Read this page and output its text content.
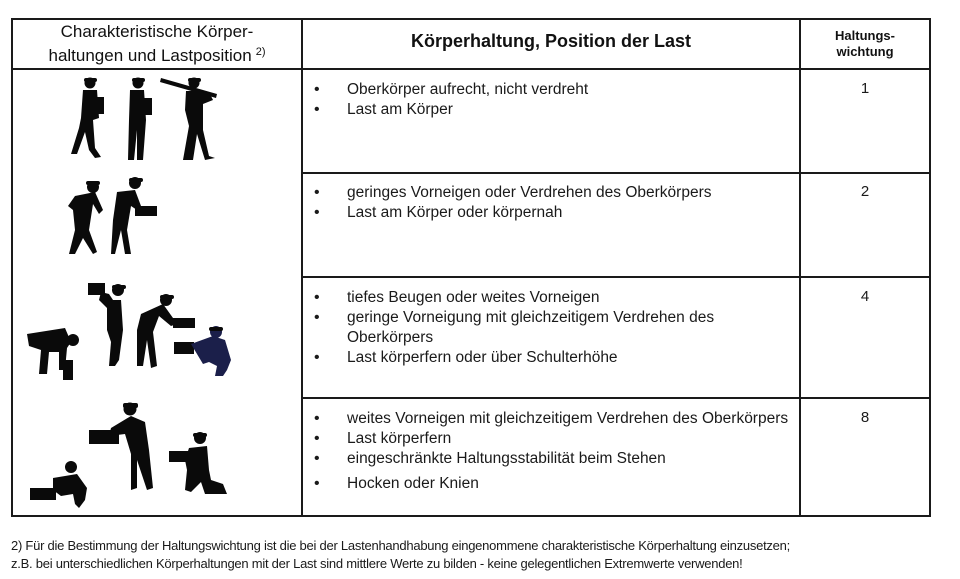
Charakteristische Körper-
haltungen und Lastposition $^{2)}$
Körperhaltung, Position der Last	Haltungs-
wichtung
• Oberkörper aufrecht, nicht verdreht
• Last am Körper
1
• geringes Vorneigen oder Verdrehen des Oberkörpers
• Last am Körper oder körpernah
2
• tiefes Beugen oder weites Vorneigen
• geringe Vorneigung mit gleichzeitigem Verdrehen des Oberkörpers
• Last körperfern oder über Schulterhöhe
4
• weites Vorneigen mit gleichzeitigem Verdrehen des Oberkörpers
• Last körperfern
• eingeschränkte Haltungsstabilität beim Stehen
• Hocken oder Knien
8
2) Für die Bestimmung der Haltungswichtung ist die bei der Lastenhandhabung eingenommene charakteristische Körperhaltung einzusetzen;
z.B. bei unterschiedlichen Körperhaltungen mit der Last sind mittlere Werte zu bilden - keine gelegentlichen Extremwerte verwenden!
